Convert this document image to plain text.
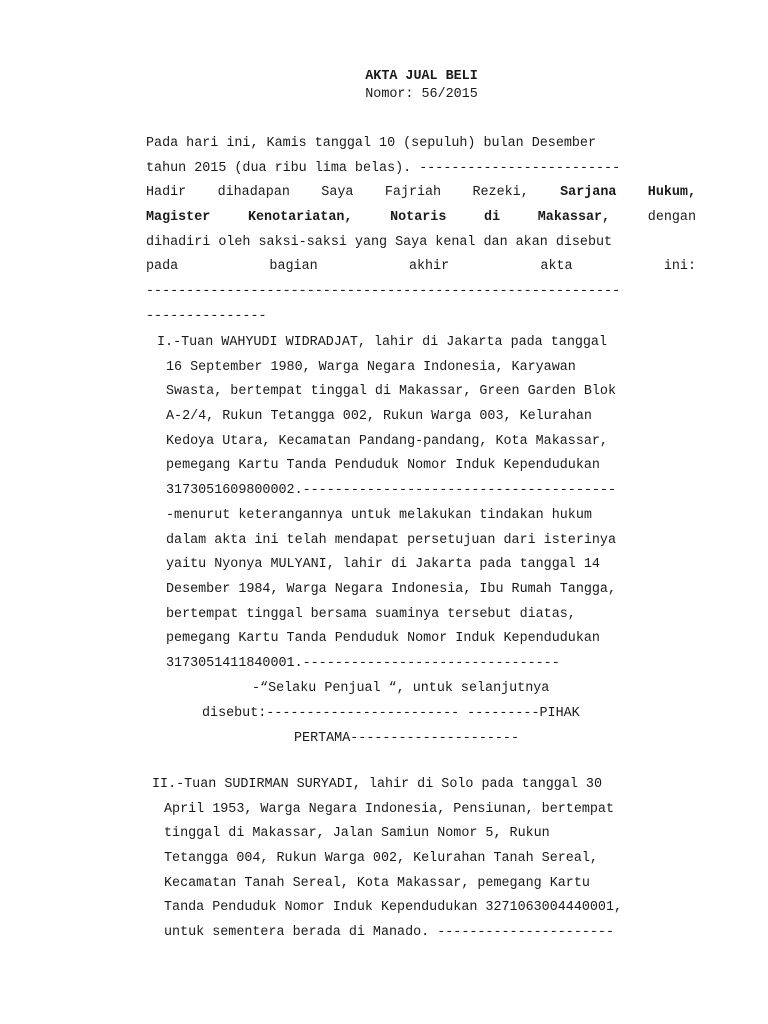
AKTA JUAL BELI
Nomor: 56/2015
Pada hari ini, Kamis tanggal 10 (sepuluh) bulan Desember
tahun 2015 (dua ribu lima belas). -------------------------
Hadir dihadapan Saya Fajriah Rezeki, Sarjana Hukum,
Magister Kenotariatan, Notaris di Makassar, dengan
dihadiri oleh saksi-saksi yang Saya kenal dan akan disebut
pada bagian akhir akta ini:
-----------------------------------------------------------
---------------
I.-Tuan WAHYUDI WIDRADJAT, lahir di Jakarta pada tanggal
16 September 1980, Warga Negara Indonesia, Karyawan
Swasta, bertempat tinggal di Makassar, Green Garden Blok
A-2/4, Rukun Tetangga 002, Rukun Warga 003, Kelurahan
Kedoya Utara, Kecamatan Pandang-pandang, Kota Makassar,
pemegang Kartu Tanda Penduduk Nomor Induk Kependudukan
3173051609800002.---------------------------------------
-menurut keterangannya untuk melakukan tindakan hukum
dalam akta ini telah mendapat persetujuan dari isterinya
yaitu Nyonya MULYANI, lahir di Jakarta pada tanggal 14
Desember 1984, Warga Negara Indonesia, Ibu Rumah Tangga,
bertempat tinggal bersama suaminya tersebut diatas,
pemegang Kartu Tanda Penduduk Nomor Induk Kependudukan
3173051411840001.--------------------------------
-“Selaku Penjual “, untuk selanjutnya
disebut:------------------------ ---------PIHAK
PERTAMA---------------------
II.-Tuan SUDIRMAN SURYADI, lahir di Solo pada tanggal 30
April 1953, Warga Negara Indonesia, Pensiunan, bertempat
tinggal di Makassar, Jalan Samiun Nomor 5, Rukun
Tetangga 004, Rukun Warga 002, Kelurahan Tanah Sereal,
Kecamatan Tanah Sereal, Kota Makassar, pemegang Kartu
Tanda Penduduk Nomor Induk Kependudukan 3271063004440001,
untuk sementera berada di Manado. ----------------------
